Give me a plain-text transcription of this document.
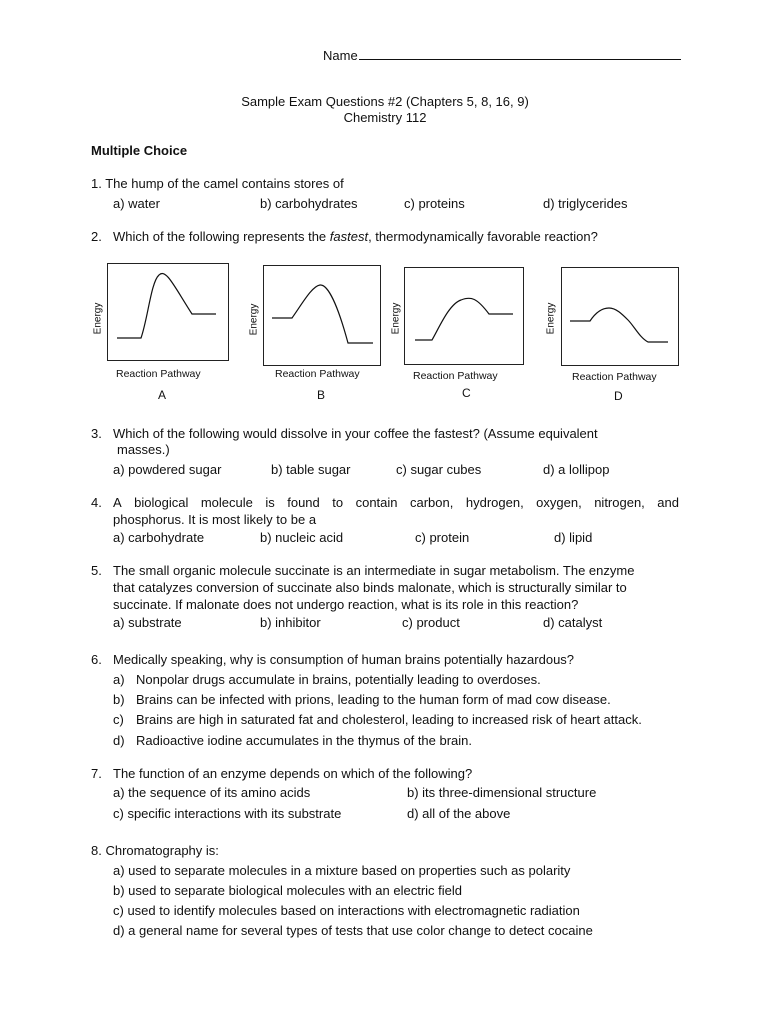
Name
Sample Exam Questions #2 (Chapters 5, 8, 16, 9)
Chemistry 112
Multiple Choice
1. The hump of the camel contains stores of
a) water	b) carbohydrates	c) proteins	d) triglycerides
2. Which of the following represents the fastest, thermodynamically favorable reaction?
Energy
Reaction Pathway
A
Energy
Reaction Pathway
B
Energy
Reaction Pathway
C
Energy
Reaction Pathway
D
3. Which of the following would dissolve in your coffee the fastest? (Assume equivalent
masses.)
a) powdered sugar	b) table sugar	c) sugar cubes	d) a lollipop
4. A biological molecule is found to contain carbon, hydrogen, oxygen, nitrogen, and
phosphorus. It is most likely to be a
a) carbohydrate	b) nucleic acid	c) protein	d) lipid
5. The small organic molecule succinate is an intermediate in sugar metabolism. The enzyme
that catalyzes conversion of succinate also binds malonate, which is structurally similar to
succinate. If malonate does not undergo reaction, what is its role in this reaction?
a) substrate	b) inhibitor	c) product	d) catalyst
6. Medically speaking, why is consumption of human brains potentially hazardous?
a) Nonpolar drugs accumulate in brains, potentially leading to overdoses.
b) Brains can be infected with prions, leading to the human form of mad cow disease.
c) Brains are high in saturated fat and cholesterol, leading to increased risk of heart attack.
d) Radioactive iodine accumulates in the thymus of the brain.
7. The function of an enzyme depends on which of the following?
a) the sequence of its amino acids	b) its three-dimensional structure
c) specific interactions with its substrate	d) all of the above
8. Chromatography is:
a) used to separate molecules in a mixture based on properties such as polarity
b) used to separate biological molecules with an electric field
c) used to identify molecules based on interactions with electromagnetic radiation
d) a general name for several types of tests that use color change to detect cocaine
